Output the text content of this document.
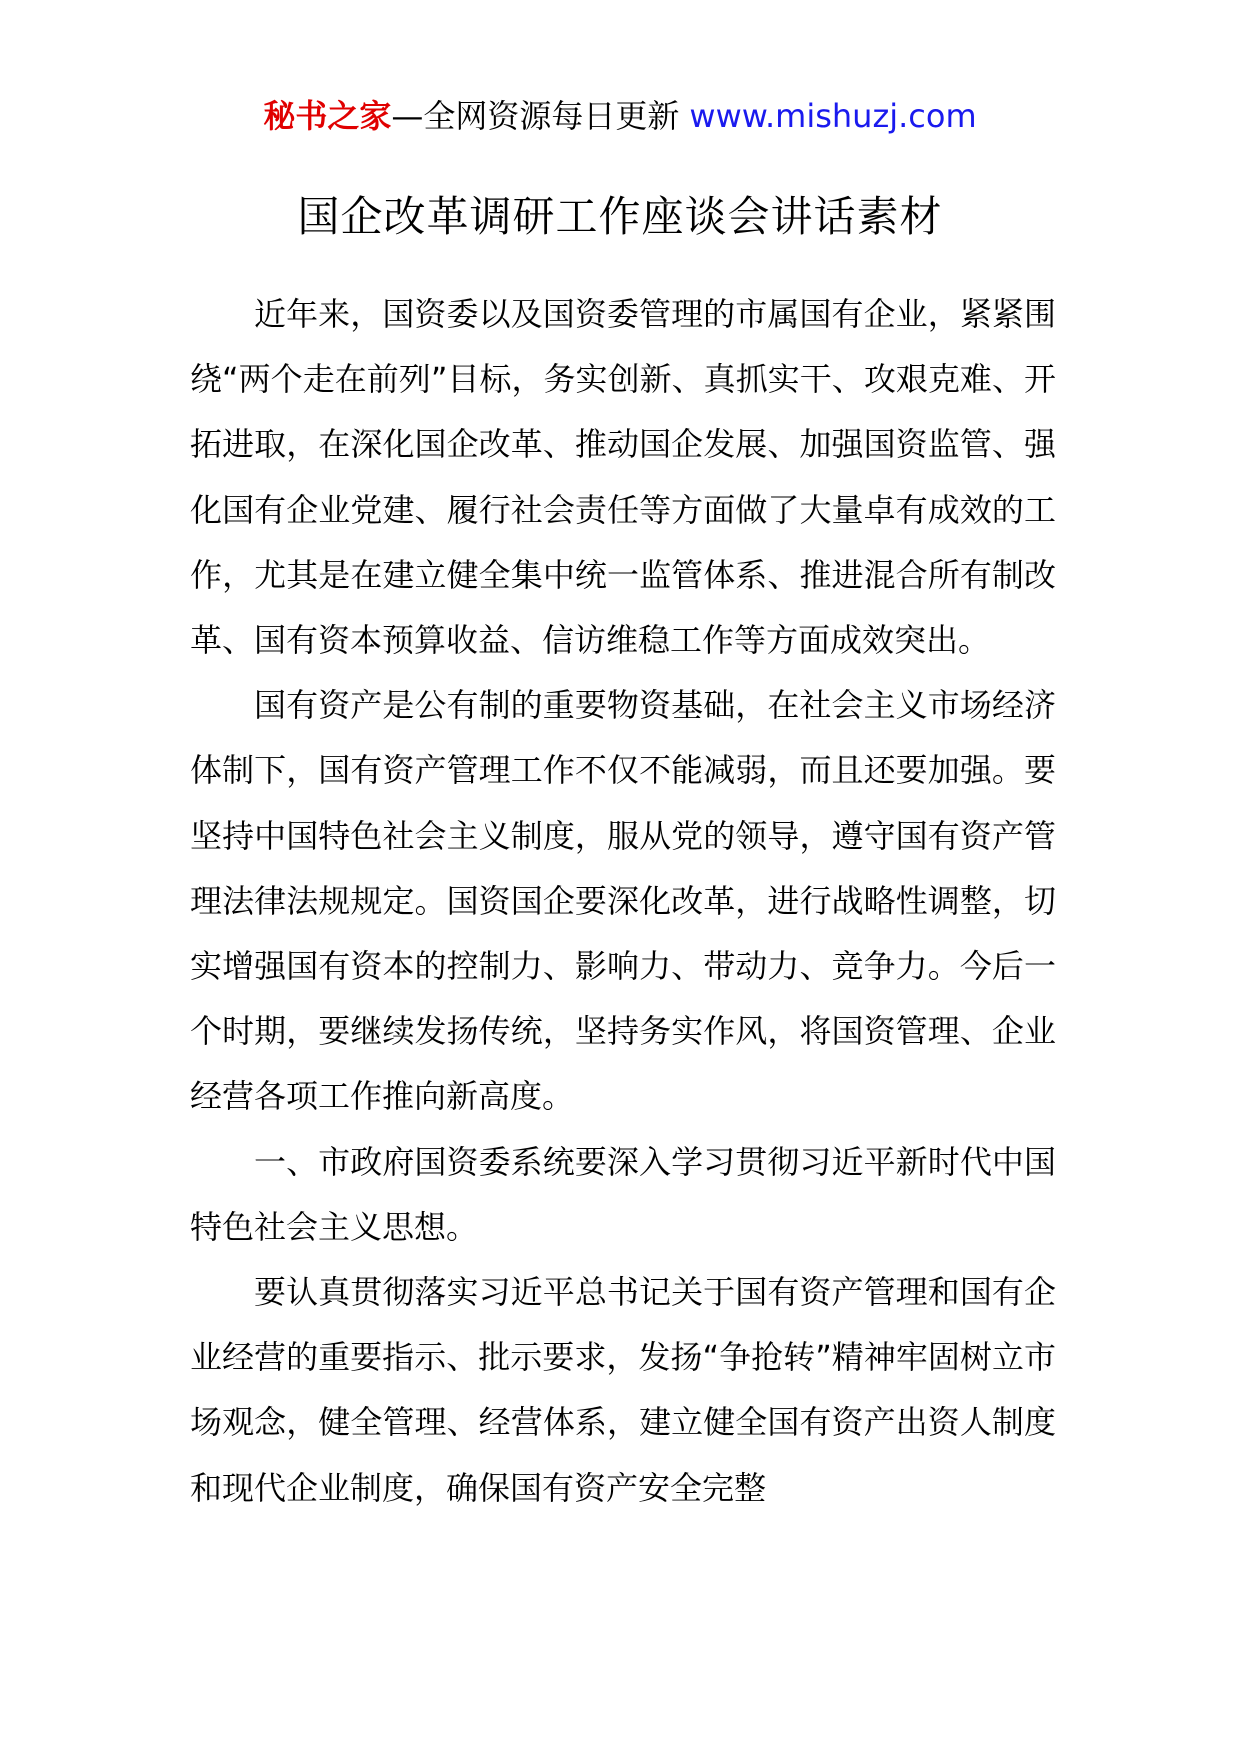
秘书之家—全网资源每日更新 www.mishuzj.com
国企改革调研工作座谈会讲话素材

近年来，国资委以及国资委管理的市属国有企业，紧紧围绕“两个走在前列”目标，务实创新、真抓实干、攻艰克难、开拓进取，在深化国企改革、推动国企发展、加强国资监管、强化国有企业党建、履行社会责任等方面做了大量卓有成效的工作，尤其是在建立健全集中统一监管体系、推进混合所有制改革、国有资本预算收益、信访维稳工作等方面成效突出。

国有资产是公有制的重要物资基础，在社会主义市场经济体制下，国有资产管理工作不仅不能减弱，而且还要加强。要坚持中国特色社会主义制度，服从党的领导，遵守国有资产管理法律法规规定。国资国企要深化改革，进行战略性调整，切实增强国有资本的控制力、影响力、带动力、竞争力。今后一个时期，要继续发扬传统，坚持务实作风，将国资管理、企业经营各项工作推向新高度。

一、市政府国资委系统要深入学习贯彻习近平新时代中国特色社会主义思想。

要认真贯彻落实习近平总书记关于国有资产管理和国有企业经营的重要指示、批示要求，发扬“争抢转”精神牢固树立市场观念，健全管理、经营体系，建立健全国有资产出资人制度和现代企业制度，确保国有资产安全完整
